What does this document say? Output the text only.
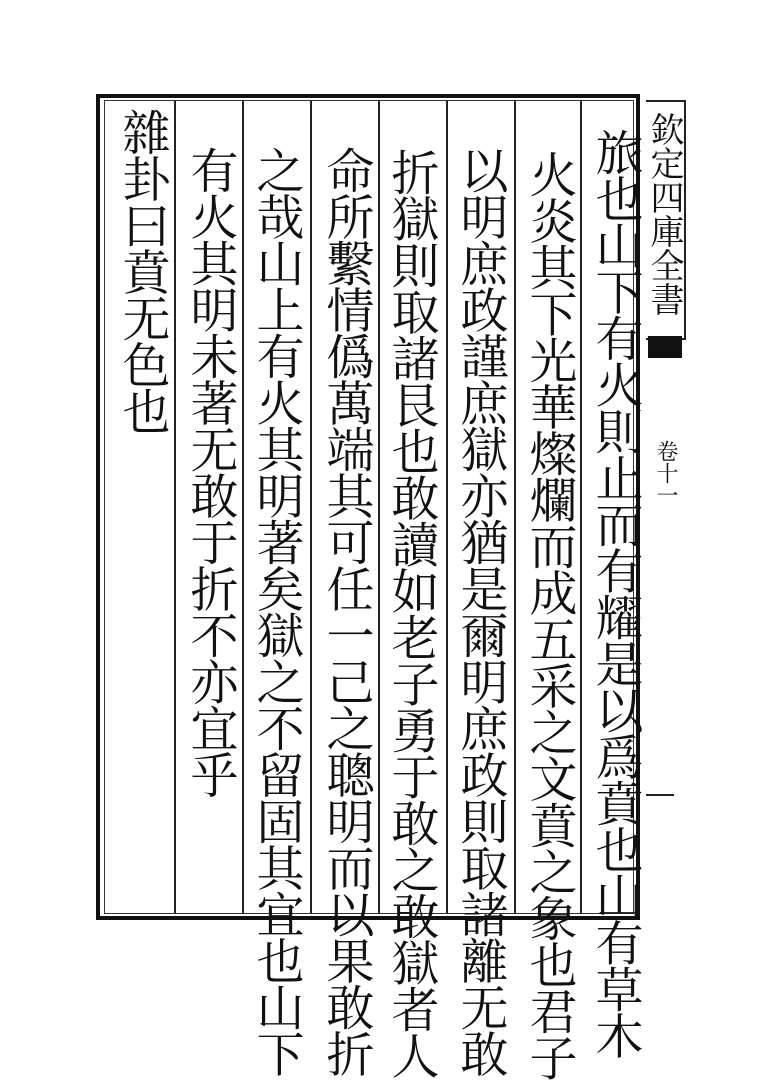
旅也山下有火則止而有耀是以爲賁也山有草木
火炎其下光華燦爛而成五采之文賁之象也君子
以明庶政謹庶獄亦猶是爾明庶政則取諸離无敢
折獄則取諸艮也敢讀如老子勇于敢之敢獄者人
命所繫情僞萬端其可任一己之聰明而以果敢折
之哉山上有火其明著矣獄之不留固其宜也山下
有火其明未著无敢于折不亦宜乎
雜卦曰賁无色也	欽定四庫全書
卷十一
